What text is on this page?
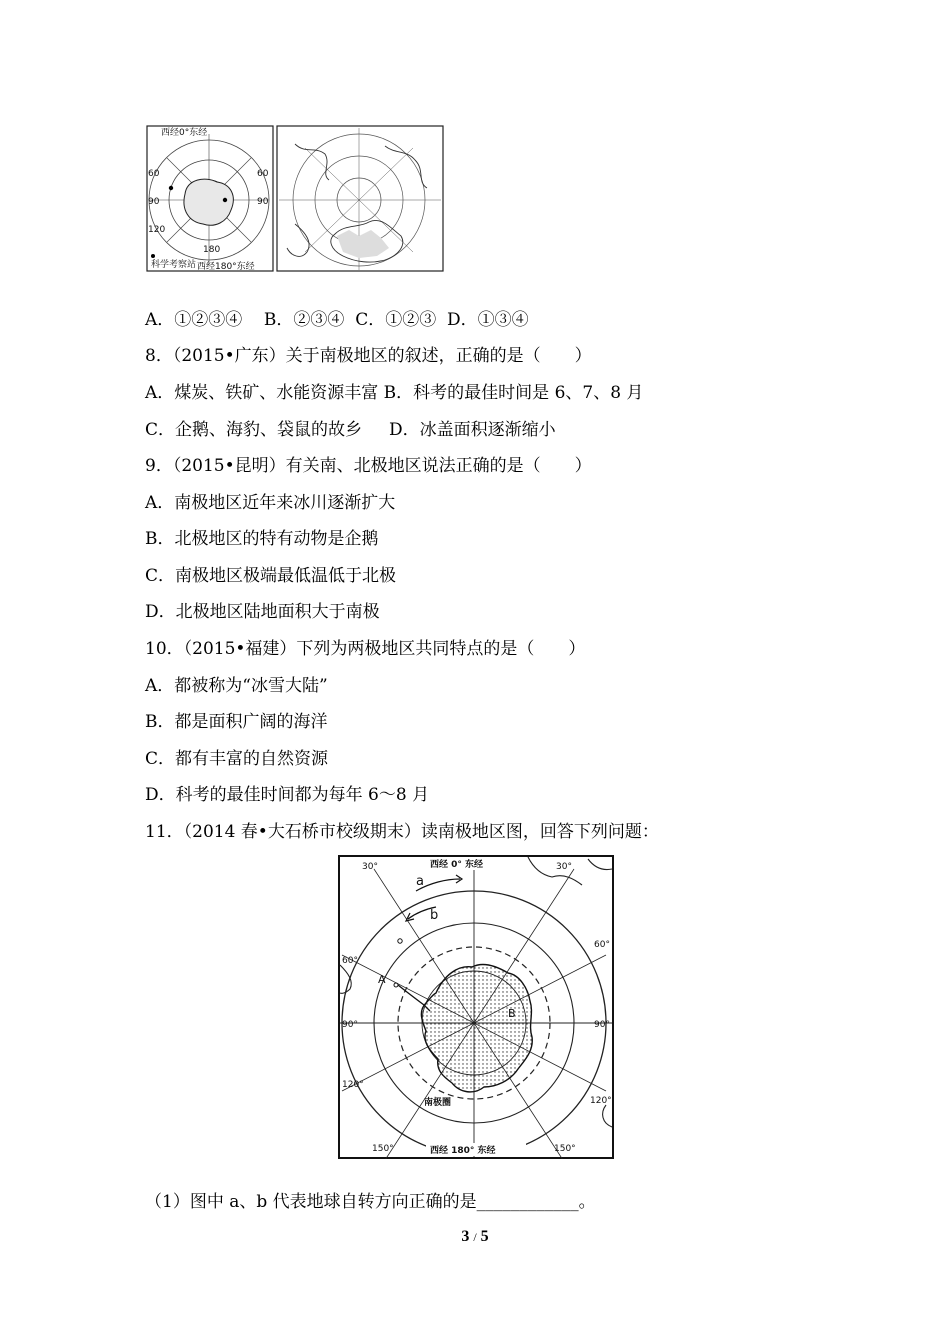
西经0°东经
西经180°东经
科学考察站
60
90
120
180
90
60
A．①②③④    B．②③④  C．①②③  D．①③④
8．（2015•广东）关于南极地区的叙述，正确的是（　　）
A．煤炭、铁矿、水能资源丰富 B．科考的最佳时间是 6、7、8 月
C．企鹅、海豹、袋鼠的故乡     D．冰盖面积逐渐缩小
9．（2015•昆明）有关南、北极地区说法正确的是（　　）
A．南极地区近年来冰川逐渐扩大
B．北极地区的特有动物是企鹅
C．南极地区极端最低温低于北极
D．北极地区陆地面积大于南极
10．（2015•福建）下列为两极地区共同特点的是（　　）
A．都被称为“冰雪大陆”
B．都是面积广阔的海洋
C．都有丰富的自然资源
D．科考的最佳时间都为每年 6～8 月
11．（2014 春•大石桥市校级期末）读南极地区图，回答下列问题：
西经 0° 东经
西经 180° 东经
30°	30°
60°
60°
90°	90°
120°
120°
150°	150°
a
b
A
B
南极圈
（1）图中 a、b 代表地球自转方向正确的是____________。
3 / 5
